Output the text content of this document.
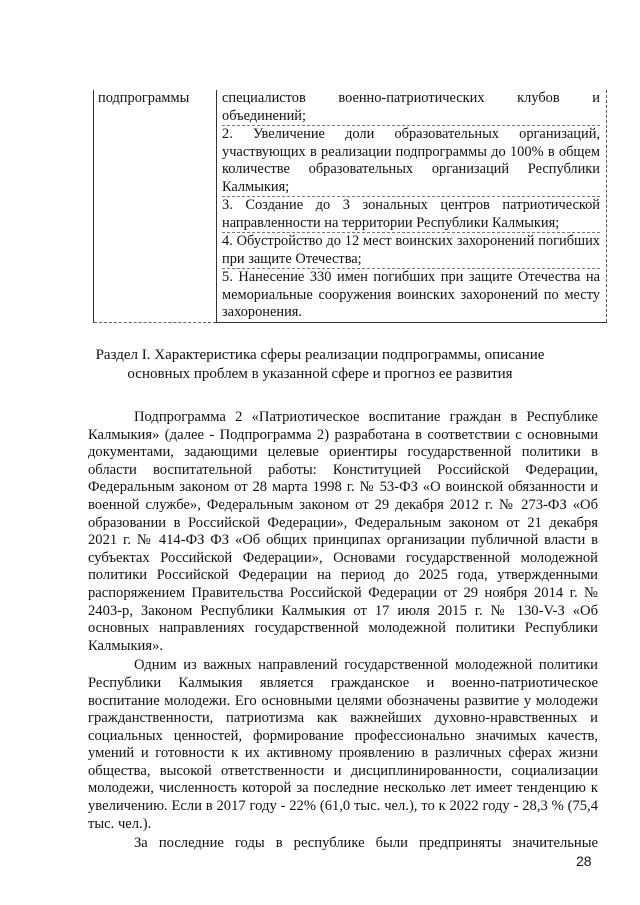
подпрограммы	специалистов военно-патриотических клубов и объединений;
2. Увеличение доли образовательных организаций, участвующих в реализации подпрограммы до 100% в общем количестве образовательных организаций Республики Калмыкия;
3. Создание до 3 зональных центров патриотической направленности на территории Республики Калмыкия;
4. Обустройство до 12 мест воинских захоронений погибших при защите Отечества;
5. Нанесение 330 имен погибших при защите Отечества на мемориальные сооружения воинских захоронений по месту захоронения.
Раздел I. Характеристика сферы реализации подпрограммы, описание
основных проблем в указанной сфере и прогноз ее развития

Подпрограмма 2 «Патриотическое воспитание граждан в Республике Калмыкия» (далее - Подпрограмма 2) разработана в соответствии с основными документами, задающими целевые ориентиры государственной политики в области воспитательной работы: Конституцией Российской Федерации, Федеральным законом от 28 марта 1998 г. № 53-ФЗ «О воинской обязанности и военной службе», Федеральным законом от 29 декабря 2012 г. № 273-ФЗ «Об образовании в Российской Федерации», Федеральным законом от 21 декабря 2021 г. № 414-ФЗ ФЗ «Об общих принципах организации публичной власти в субъектах Российской Федерации», Основами государственной молодежной политики Российской Федерации на период до 2025 года, утвержденными распоряжением Правительства Российской Федерации от 29 ноября 2014 г. № 2403-р, Законом Республики Калмыкия от 17 июля 2015 г. № 130-V-З «Об основных направлениях государственной молодежной политики Республики Калмыкия».

Одним из важных направлений государственной молодежной политики Республики Калмыкия является гражданское и военно-патриотическое воспитание молодежи. Его основными целями обозначены развитие у молодежи гражданственности, патриотизма как важнейших духовно-нравственных и социальных ценностей, формирование профессионально значимых качеств, умений и готовности к их активному проявлению в различных сферах жизни общества, высокой ответственности и дисциплинированности, социализации молодежи, численность которой за последние несколько лет имеет тенденцию к увеличению. Если в 2017 году - 22% (61,0 тыс. чел.), то к 2022 году - 28,3 % (75,4 тыс. чел.).

За последние годы в республике были предприняты значительные

28
